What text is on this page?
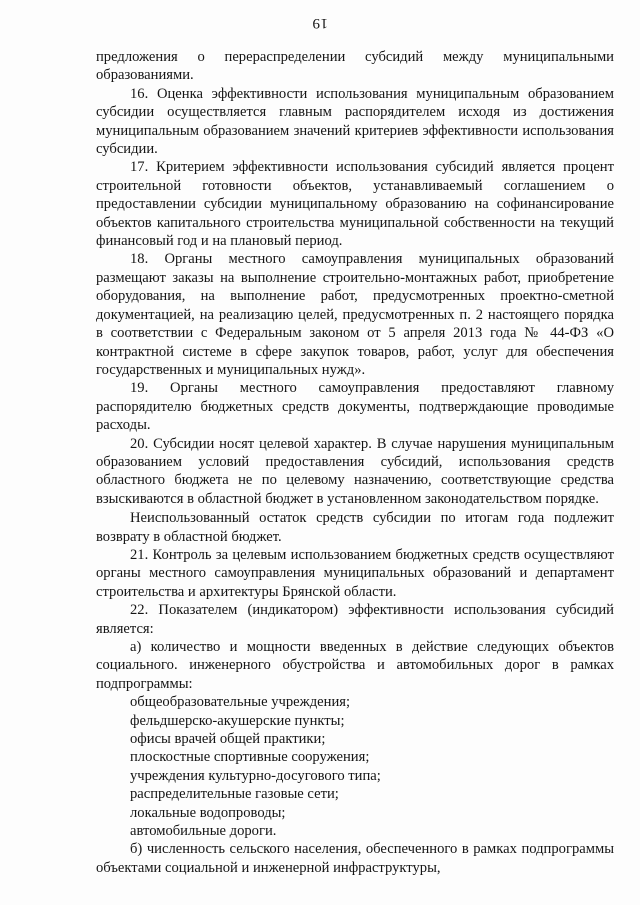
19

предложения о перераспределении субсидий между муниципальными образованиями.

16. Оценка эффективности использования муниципальным образованием субсидии осуществляется главным распорядителем исходя из достижения муниципальным образованием значений критериев эффективности использования субсидии.

17. Критерием эффективности использования субсидий является процент строительной готовности объектов, устанавливаемый соглашением о предоставлении субсидии муниципальному образованию на софинансирование объектов капитального строительства муниципальной собственности на текущий финансовый год и на плановый период.

18. Органы местного самоуправления муниципальных образований размещают заказы на выполнение строительно-монтажных работ, приобретение оборудования, на выполнение работ, предусмотренных проектно-сметной документацией, на реализацию целей, предусмотренных п. 2 настоящего порядка в соответствии с Федеральным законом от 5 апреля 2013 года № 44-ФЗ «О контрактной системе в сфере закупок товаров, работ, услуг для обеспечения государственных и муниципальных нужд».

19. Органы местного самоуправления предоставляют главному распорядителю бюджетных средств документы, подтверждающие проводимые расходы.

20. Субсидии носят целевой характер. В случае нарушения муниципальным образованием условий предоставления субсидий, использования средств областного бюджета не по целевому назначению, соответствующие средства взыскиваются в областной бюджет в установленном законодательством порядке.

Неиспользованный остаток средств субсидии по итогам года подлежит возврату в областной бюджет.

21. Контроль за целевым использованием бюджетных средств осуществляют органы местного самоуправления муниципальных образований и департамент строительства и архитектуры Брянской области.

22. Показателем (индикатором) эффективности использования субсидий является:

а) количество и мощности введенных в действие следующих объектов социального. инженерного обустройства и автомобильных дорог в рамках подпрограммы:

общеобразовательные учреждения;
фельдшерско-акушерские пункты;
офисы врачей общей практики;
плоскостные спортивные сооружения;
учреждения культурно-досугового типа;
распределительные газовые сети;
локальные водопроводы;
автомобильные дороги.

б) численность сельского населения, обеспеченного в рамках подпрограммы объектами социальной и инженерной инфраструктуры,
